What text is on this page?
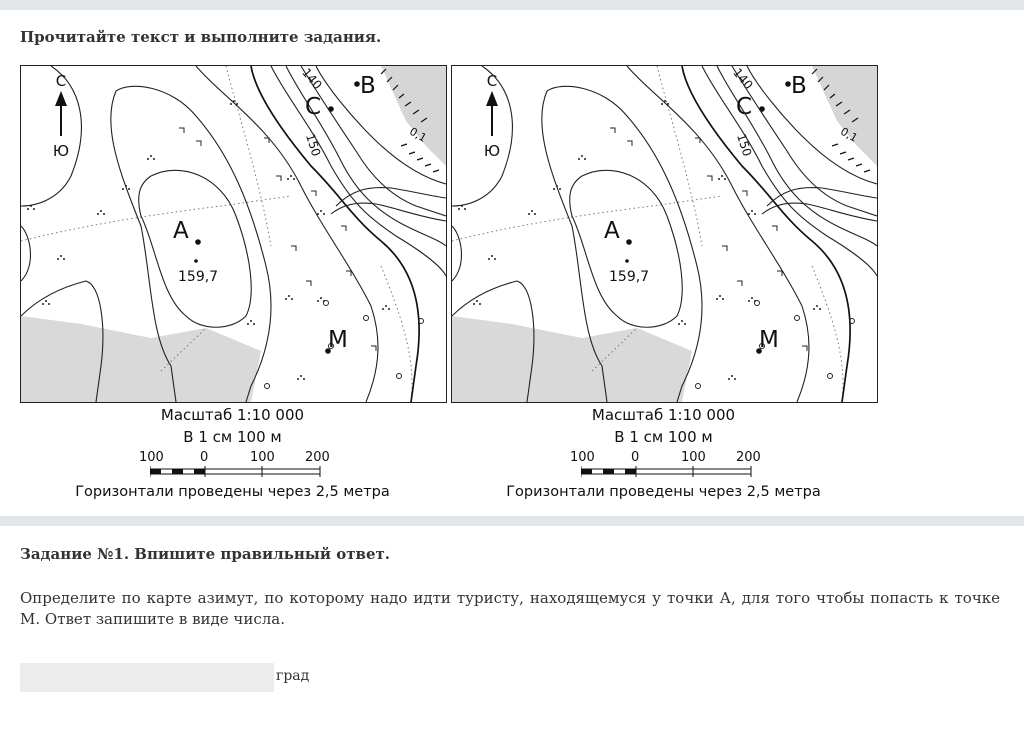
Прочитайте текст и выполните задания.
С
Ю
А
159,7
М
С
В
140
150	0,1
С
Ю
А
159,7
М
С
В
140
150	0,1
Масштаб 1:10 000
В 1 см 100 м
100	0	100 200
Горизонтали проведены через 2,5 метра
Масштаб 1:10 000
В 1 см 100 м
100	0	100 200
Горизонтали проведены через 2,5 метра
Задание №1. Впишите правильный ответ.
Определите по карте азимут, по которому надо идти туристу, находящемуся у точки А, для того чтобы попасть к точке М. Ответ запишите в виде числа.
град
